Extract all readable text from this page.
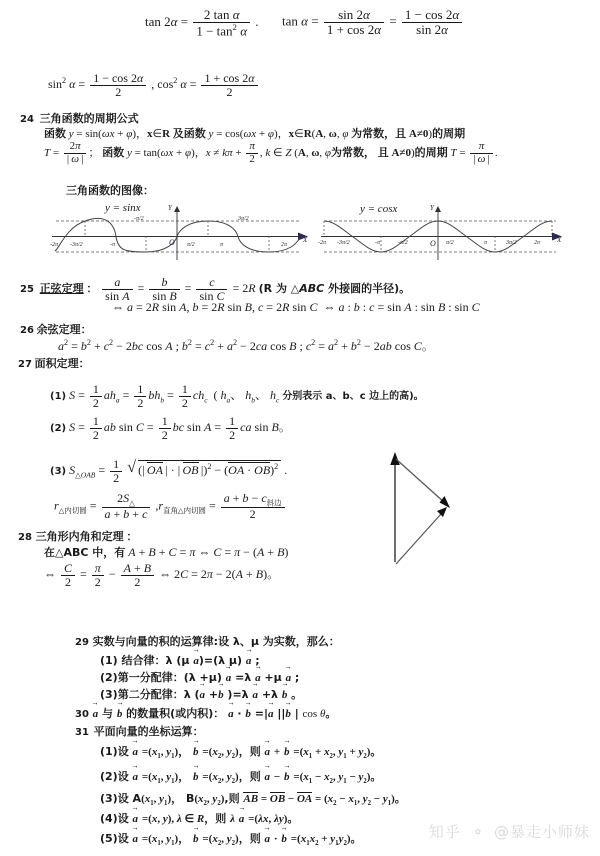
$\tan 2\alpha = \frac{\text{2 tan α}}{1 - \tan^2 \alpha}$ . $\tan \alpha = \frac{\sin 2\alpha}{1 + \cos 2\alpha} = \frac{1 - \cos 2\alpha}{\sin 2\alpha}$
$\sin^2 \alpha = \frac{1 - \cos 2\alpha}{2}$ , $\cos^2 \alpha = \frac{1 + \cos 2\alpha}{2}$
24 三角函数的周期公式
函数 y = sin(ωx + φ)，x∈R 及函数 y = cos(ωx + φ)，x∈R(A, ω, φ 为常数，且 A≠0)的周期
$T = \frac{2\pi}{| \omega |}$ ； 函数 y = tan(ωx + φ)，$x \ne k\pi + \frac{\pi}{2}$ , k ∈ Z (A, ω, φ为常数， 且 A≠0)的周期 $T = \frac{\pi}{| \omega |}$ .
三角函数的图像：
y = sinx	Y
X
O
-2π -3π/2	-π
-π/2
π/2	π
3π/2
2π
y = cosx	Y
X
O
-2π -3π/2	-π	-π/2	π/2	π	3π/2	2π
25 正弦定理 ： $\frac{a}{\text{sin A}} = \frac{b}{\text{sin B}} = \frac{c}{\text{sin C}} = 2R$ (R 为 △ABC 外接圆的半径)。
⇔ a = 2R sin A, b = 2R sin B, c = 2R sin C  ⇔ a : b : c = sin A : sin B : sin C
26 余弦定理：
$a^2 = b^2 + c^2 - 2bc$ cos A ; $b^2 = c^2 + a^2 - 2ca$ cos B ; $c^2 = a^2 + b^2 - 2ab$ cos C。
27 面积定理：
(1) $S = \frac{1}{2} ah_a = \frac{1}{2} bh_b = \frac{1}{2} ch_c$  ( $h_a$、 $h_b$、 $h_c$ 分别表示 a、b、c 边上的高)。
(2) $S = \frac{1}{2}$ ab $\sin C = \frac{1}{2}$ bc $\sin A = \frac{1}{2}$ ca sin B。
(3) $S_{\triangle OAB} = \frac{1}{2}$ √ (| OA | · | OB |)$^2$ − (OA · OB)$^2$  .
$r_{\triangle 内切圆} = \frac{2S_\triangle}{a + b + c} ,r_{直角\triangle 内切圆}$ =
$a + b - c_{斜边}$
2
28 三角形内角和定理 ：
在△ABC 中，有 A + B + C = π ⇔ C = π − (A + B)
⇔ $\frac{C}{2} = \frac{\pi}{2} - \frac{A + B}{2}$ ⇔ 2C = 2π − 2(A + B)。
29 实数与向量的积的运算律:设 λ、μ 为实数，那么：
(1) 结合律：λ (μ a →)=(λ μ) a → ;
(2)第一分配律：(λ +μ) a → =λ a → +μ a → ;
(3)第二分配律：λ (a → +b → )=λ a → +λ b → 。
30 a → 与 b → 的数量积(或内积)： a → · b → =|a → ||b → | cos θ。
31 平面向量的坐标运算：
(1)设 $a \to =(x_1$, $y_1$)， $b \to =(x_2$, $y_2$)，则 a → + $b \to =(x_1 + x_2$, $y_1 + y_2$)。
(2)设 $a \to =(x_1$, $y_1$)， $b \to =(x_2$, $y_2$)，则 a → − $b \to =(x_1 - x_2$, $y_1 - y_2$)。
(3)设 $A(x_1$, $y_1$)， $B(x_2$, $y_2$),则 AB = OB − OA = ($x_2 - x_1$, $y_2 - y_1$)。
(4)设 a → =(x, y), λ ∈ R，则 λ a → =(λx, λy)。
(5)设 $a \to =(x_1$, $y_1$)， $b \to =(x_2$, $y_2$)，则 a → · $b \to =(x_1x_2 + y_1y_2)$。	知乎 ⚬ @暴走小师妹
